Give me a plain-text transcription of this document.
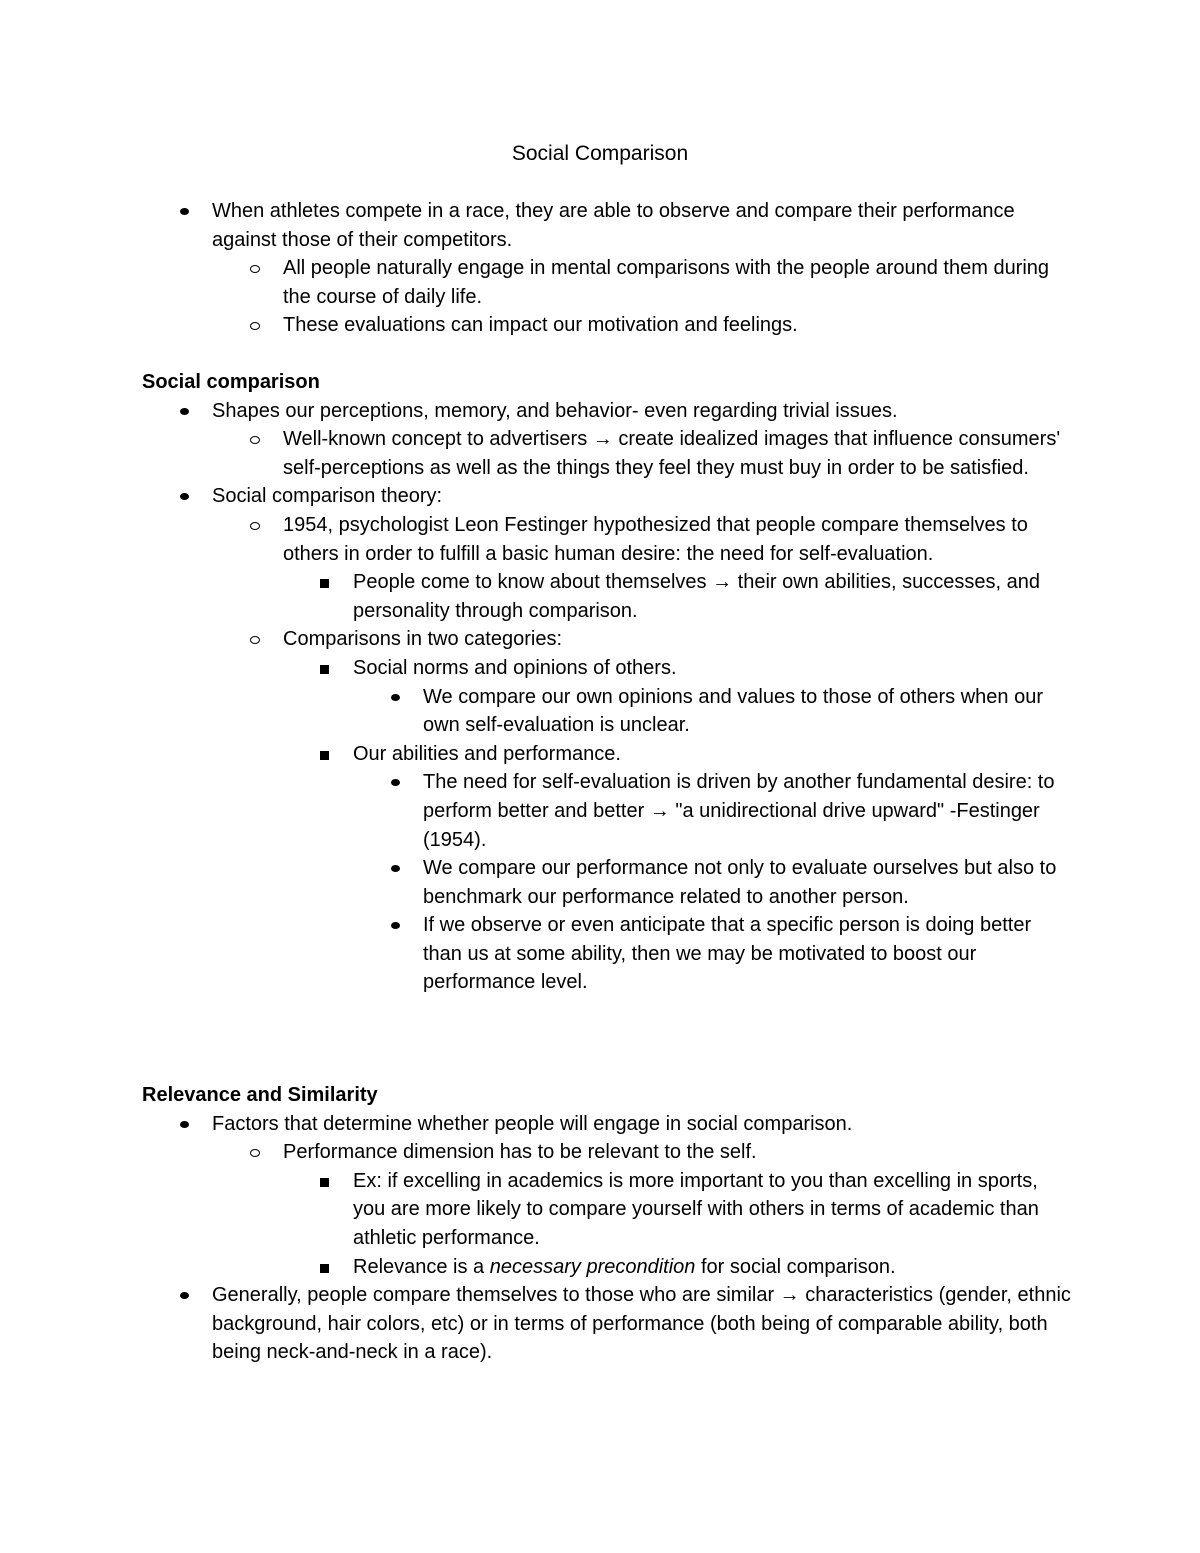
Social Comparison
When athletes compete in a race, they are able to observe and compare their performance against those of their competitors.
All people naturally engage in mental comparisons with the people around them during the course of daily life.
These evaluations can impact our motivation and feelings.
Social comparison
Shapes our perceptions, memory, and behavior- even regarding trivial issues.
Well-known concept to advertisers → create idealized images that influence consumers' self-perceptions as well as the things they feel they must buy in order to be satisfied.
Social comparison theory:
1954, psychologist Leon Festinger hypothesized that people compare themselves to others in order to fulfill a basic human desire: the need for self-evaluation.
People come to know about themselves → their own abilities, successes, and personality through comparison.
Comparisons in two categories:
Social norms and opinions of others.
We compare our own opinions and values to those of others when our own self-evaluation is unclear.
Our abilities and performance.
The need for self-evaluation is driven by another fundamental desire: to perform better and better → "a unidirectional drive upward" -Festinger (1954).
We compare our performance not only to evaluate ourselves but also to benchmark our performance related to another person.
If we observe or even anticipate that a specific person is doing better than us at some ability, then we may be motivated to boost our performance level.
Relevance and Similarity
Factors that determine whether people will engage in social comparison.
Performance dimension has to be relevant to the self.
Ex: if excelling in academics is more important to you than excelling in sports, you are more likely to compare yourself with others in terms of academic than athletic performance.
Relevance is a necessary precondition for social comparison.
Generally, people compare themselves to those who are similar → characteristics (gender, ethnic background, hair colors, etc) or in terms of performance (both being of comparable ability, both being neck-and-neck in a race).
